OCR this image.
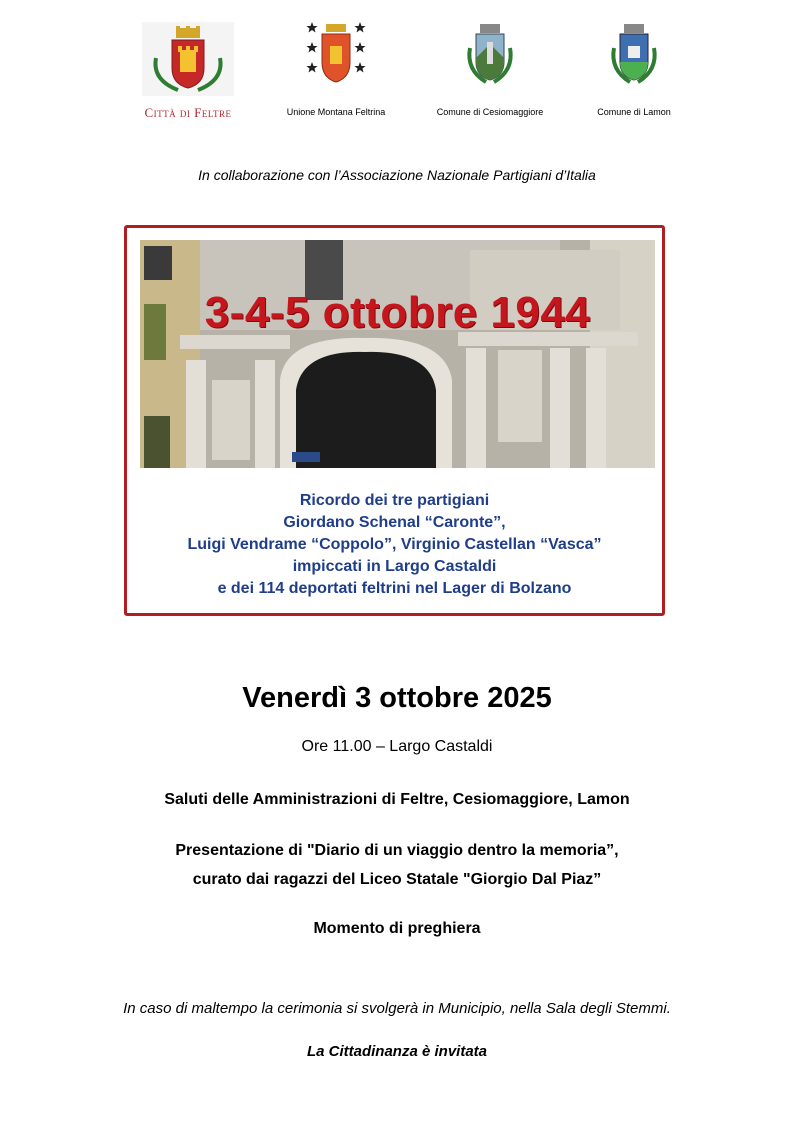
Città di Feltre	Unione Montana Feltrina	Comune di Cesiomaggiore	Comune di Lamon
In collaborazione con l’Associazione Nazionale Partigiani d’Italia
3-4-5 ottobre 1944
Ricordo dei tre partigiani
Giordano Schenal “Caronte”,
Luigi Vendrame “Coppolo”, Virginio Castellan “Vasca”
impiccati in Largo Castaldi
e dei 114 deportati feltrini nel Lager di Bolzano
Venerdì 3 ottobre 2025
Ore 11.00 – Largo Castaldi
Saluti delle Amministrazioni di Feltre, Cesiomaggiore, Lamon
Presentazione di "Diario di un viaggio dentro la memoria”,
curato dai ragazzi del Liceo Statale "Giorgio Dal Piaz”
Momento di preghiera
In caso di maltempo la cerimonia si svolgerà in Municipio, nella Sala degli Stemmi.
La Cittadinanza è invitata
